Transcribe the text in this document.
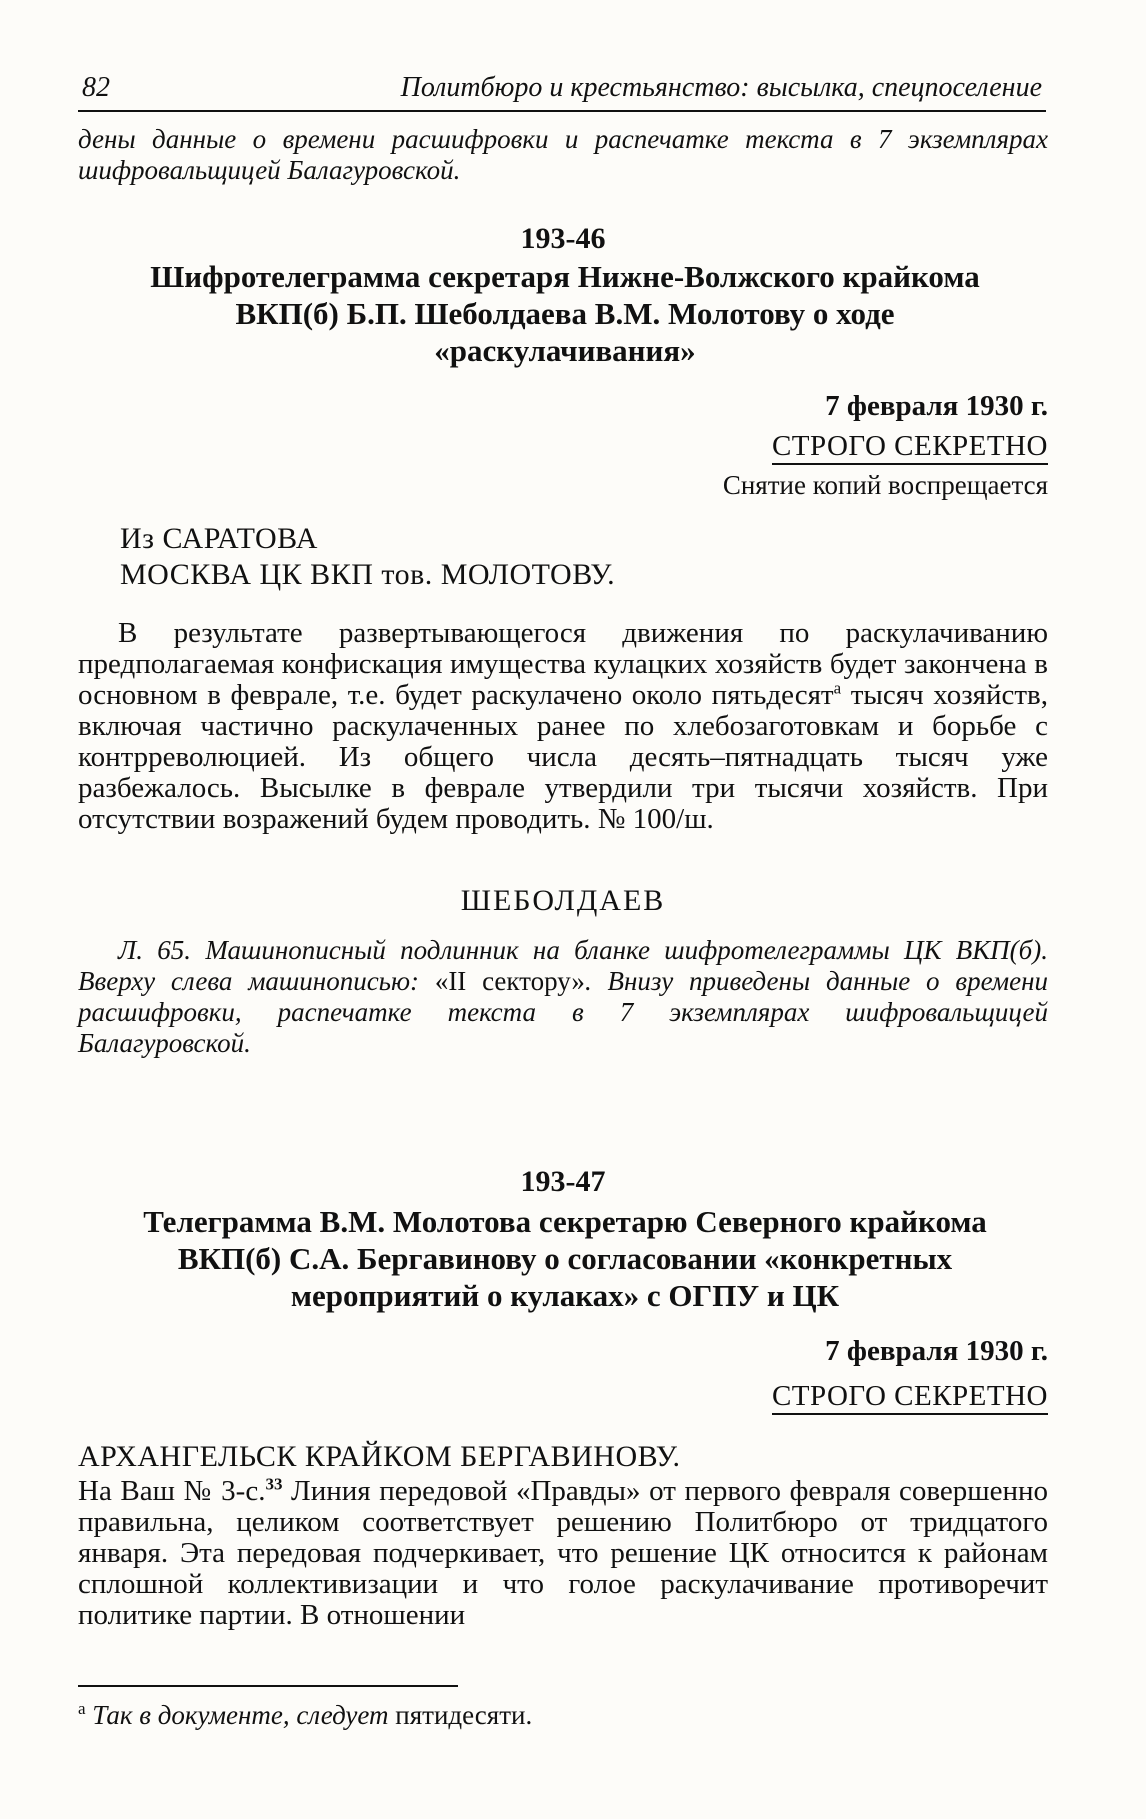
82	Политбюро и крестьянство: высылка, спецпоселение
дены данные о времени расшифровки и распечатке текста в 7 экземплярах шифровальщицей Балагуровской.
193-46
Шифротелеграмма секретаря Нижне-Волжского крайкома ВКП(б) Б.П. Шеболдаева В.М. Молотову о ходе «раскулачивания»
7 февраля 1930 г.
СТРОГО СЕКРЕТНО
Снятие копий воспрещается
Из САРАТОВА
МОСКВА ЦК ВКП тов. МОЛОТОВУ.
В результате развертывающегося движения по раскулачиванию предполагаемая конфискация имущества кулацких хозяйств будет закончена в основном в феврале, т.е. будет раскулачено около пятьдесят$^а$ тысяч хозяйств, включая частично раскулаченных ранее по хлебозаготовкам и борьбе с контрреволюцией. Из общего числа десять–пятнадцать тысяч уже разбежалось. Высылке в феврале утвердили три тысячи хозяйств. При отсутствии возражений будем проводить. № 100/ш.
ШЕБОЛДАЕВ
Л. 65. Машинописный подлинник на бланке шифротелеграммы ЦК ВКП(б). Вверху слева машинописью: «II сектору». Внизу приведены данные о времени расшифровки, распечатке текста в 7 экземплярах шифровальщицей Балагуровской.
193-47
Телеграмма В.М. Молотова секретарю Северного крайкома ВКП(б) С.А. Бергавинову о согласовании «конкретных мероприятий о кулаках» с ОГПУ и ЦК
7 февраля 1930 г.
СТРОГО СЕКРЕТНО
АРХАНГЕЛЬСК КРАЙКОМ БЕРГАВИНОВУ.
На Ваш № 3-с.$^{33}$ Линия передовой «Правды» от первого февраля совершенно правильна, целиком соответствует решению Политбюро от тридцатого января. Эта передовая подчеркивает, что решение ЦК относится к районам сплошной коллективизации и что голое раскулачивание противоречит политике партии. В отношении
$^а$ Так в документе, следует пятидесяти.
